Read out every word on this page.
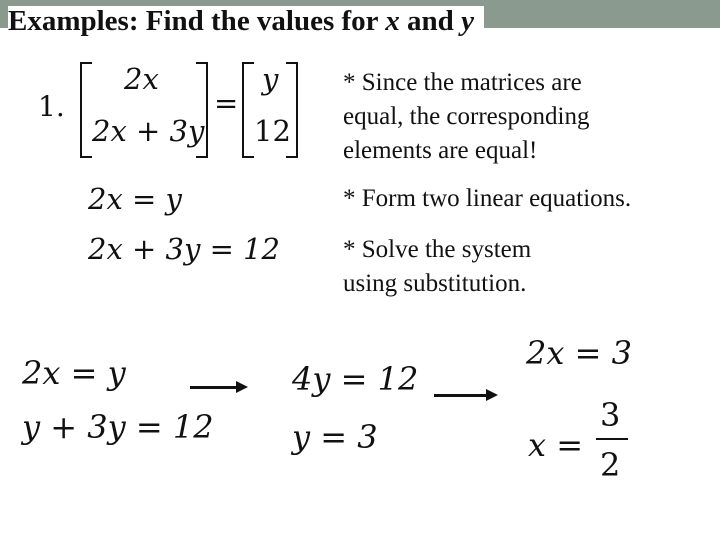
Examples: Find the values for x and y
1.
2x
2x + 3y
=
y
12
* Since the matrices are equal, the corresponding elements are equal!
* Form two linear equations.
* Solve the system using substitution.
2x = y
2x + 3y = 12
2x = y
y + 3y = 12
4y = 12
y = 3
2x = 3
x =
3
2
